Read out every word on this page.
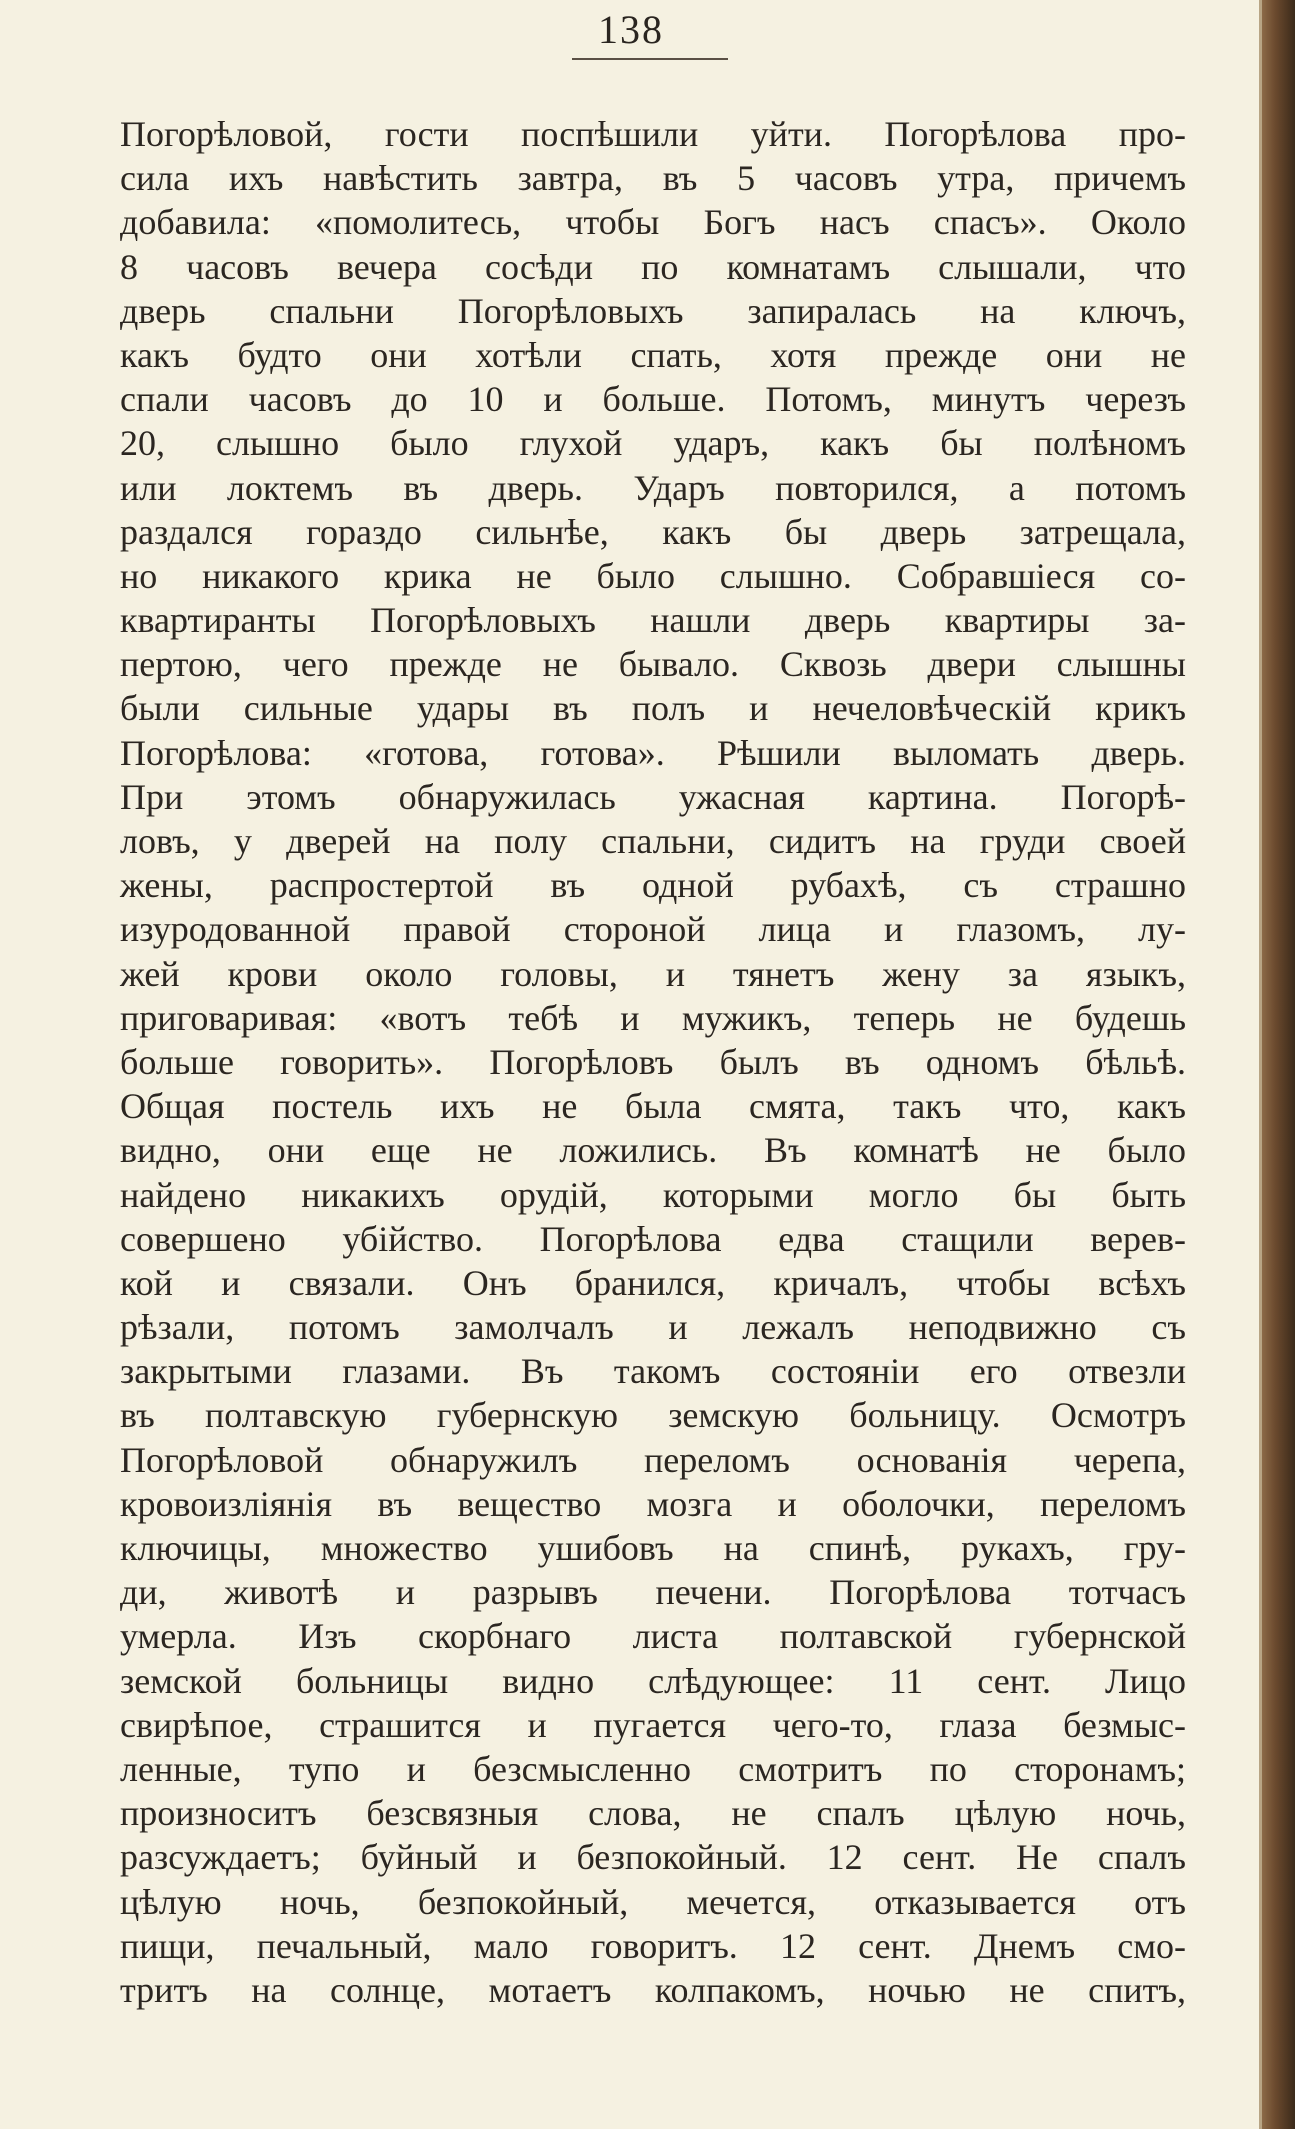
138
Погорѣловой, гости поспѣшили уйти. Погорѣлова про-
сила ихъ навѣстить завтра, въ 5 часовъ утра, причемъ
добавила: «помолитесь, чтобы Богъ насъ спасъ». Около
8 часовъ вечера сосѣди по комнатамъ слышали, что
дверь спальни Погорѣловыхъ запиралась на ключъ,
какъ будто они хотѣли спать, хотя прежде они не
спали часовъ до 10 и больше. Потомъ, минутъ черезъ
20, слышно было глухой ударъ, какъ бы полѣномъ
или локтемъ въ дверь. Ударъ повторился, а потомъ
раздался гораздо сильнѣе, какъ бы дверь затрещала,
но никакого крика не было слышно. Собравшіеся со-
квартиранты Погорѣловыхъ нашли дверь квартиры за-
пертою, чего прежде не бывало. Сквозь двери слышны
были сильные удары въ полъ и нечеловѣческій крикъ
Погорѣлова: «готова, готова». Рѣшили выломать дверь.
При этомъ обнаружилась ужасная картина. Погорѣ-
ловъ, у дверей на полу спальни, сидитъ на груди своей
жены, распростертой въ одной рубахѣ, съ страшно
изуродованной правой стороной лица и глазомъ, лу-
жей крови около головы, и тянетъ жену за языкъ,
приговаривая: «вотъ тебѣ и мужикъ, теперь не будешь
больше говорить». Погорѣловъ былъ въ одномъ бѣльѣ.
Общая постель ихъ не была смята, такъ что, какъ
видно, они еще не ложились. Въ комнатѣ не было
найдено никакихъ орудій, которыми могло бы быть
совершено убійство. Погорѣлова едва стащили верев-
кой и связали. Онъ бранился, кричалъ, чтобы всѣхъ
рѣзали, потомъ замолчалъ и лежалъ неподвижно съ
закрытыми глазами. Въ такомъ состояніи его отвезли
въ полтавскую губернскую земскую больницу. Осмотръ
Погорѣловой обнаружилъ переломъ основанія черепа,
кровоизліянія въ вещество мозга и оболочки, переломъ
ключицы, множество ушибовъ на спинѣ, рукахъ, гру-
ди, животѣ и разрывъ печени. Погорѣлова тотчасъ
умерла. Изъ скорбнаго листа полтавской губернской
земской больницы видно слѣдующее: 11 сент. Лицо
свирѣпое, страшится и пугается чего-то, глаза безмыс-
ленные, тупо и безсмысленно смотритъ по сторонамъ;
произноситъ безсвязныя слова, не спалъ цѣлую ночь,
разсуждаетъ; буйный и безпокойный. 12 сент. Не спалъ
цѣлую ночь, безпокойный, мечется, отказывается отъ
пищи, печальный, мало говоритъ. 12 сент. Днемъ смо-
тритъ на солнце, мотаетъ колпакомъ, ночью не спитъ,
